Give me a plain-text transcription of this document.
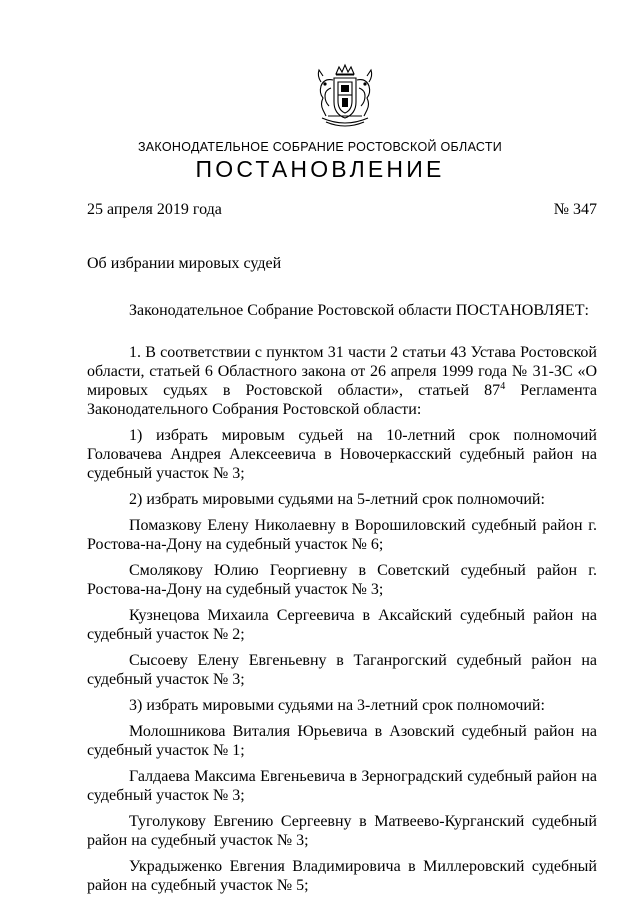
ЗАКОНОДАТЕЛЬНОЕ СОБРАНИЕ РОСТОВСКОЙ ОБЛАСТИ
ПОСТАНОВЛЕНИЕ
25 апреля 2019 года	№ 347
Об избрании мировых судей

Законодательное Собрание Ростовской области ПОСТАНОВЛЯЕТ:

1. В соответствии с пунктом 31 части 2 статьи 43 Устава Ростовской области, статьей 6 Областного закона от 26 апреля 1999 года № 31-ЗС «О мировых судьях в Ростовской области», статьей $87^4$ Регламента Законодательного Собрания Ростовской области:

1) избрать мировым судьей на 10-летний срок полномочий Головачева Андрея Алексеевича в Новочеркасский судебный район на судебный участок № 3;

2) избрать мировыми судьями на 5-летний срок полномочий:

Помазкову Елену Николаевну в Ворошиловский судебный район г. Ростова-на-Дону на судебный участок № 6;

Смолякову Юлию Георгиевну в Советский судебный район г. Ростова-на-Дону на судебный участок № 3;

Кузнецова Михаила Сергеевича в Аксайский судебный район на судебный участок № 2;

Сысоеву Елену Евгеньевну в Таганрогский судебный район на судебный участок № 3;

3) избрать мировыми судьями на 3-летний срок полномочий:

Молошникова Виталия Юрьевича в Азовский судебный район на судебный участок № 1;

Галдаева Максима Евгеньевича в Зерноградский судебный район на судебный участок № 3;

Туголукову Евгению Сергеевну в Матвеево-Курганский судебный район на судебный участок № 3;

Украдыженко Евгения Владимировича в Миллеровский судебный район на судебный участок № 5;
